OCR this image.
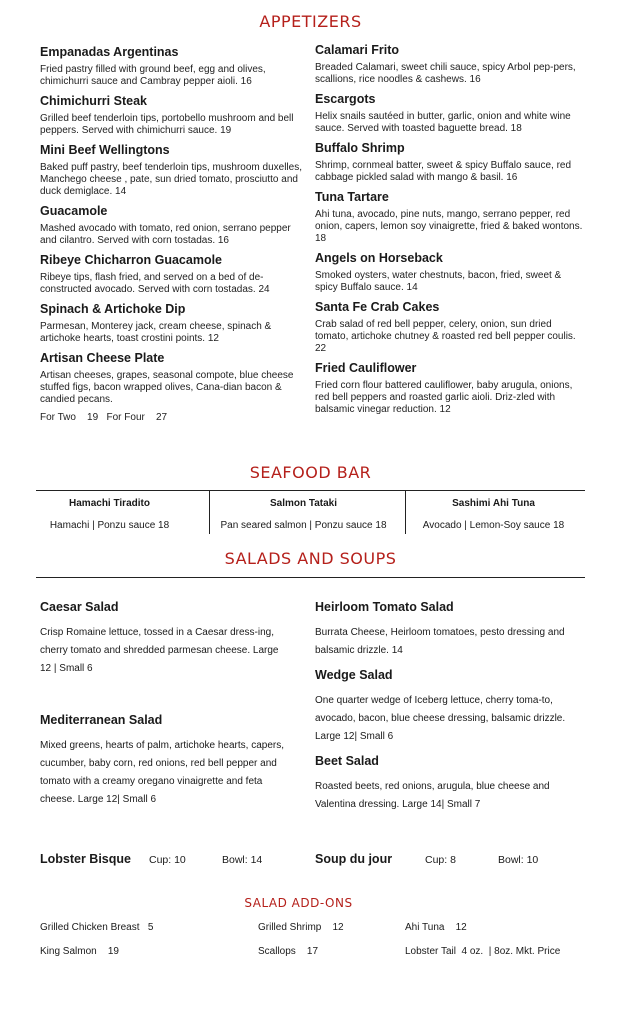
APPETIZERS

Empanadas Argentinas

Fried pastry filled with ground beef, egg and olives, chimichurri sauce and Cambray pepper aioli. 16

Chimichurri Steak

Grilled beef tenderloin tips, portobello mushroom and bell peppers. Served with chimichurri sauce. 19

Mini Beef Wellingtons

Baked puff pastry, beef tenderloin tips, mushroom duxelles, Manchego cheese , pate, sun dried tomato, prosciutto and duck demiglace. 14

Guacamole

Mashed avocado with tomato, red onion, serrano pepper and cilantro. Served with corn tostadas. 16

Ribeye Chicharron Guacamole

Ribeye tips, flash fried, and served on a bed of de-constructed avocado. Served with corn tostadas. 24

Spinach & Artichoke Dip

Parmesan, Monterey jack, cream cheese, spinach & artichoke hearts, toast crostini points. 12

Artisan Cheese Plate

Artisan cheeses, grapes, seasonal compote, blue cheese stuffed figs, bacon wrapped olives, Cana-dian bacon & candied pecans.

For Two    19   For Four    27

Calamari Frito

Breaded Calamari, sweet chili sauce, spicy Arbol pep-pers, scallions, rice noodles & cashews. 16

Escargots

Helix snails sautéed in butter, garlic, onion and white wine sauce. Served with toasted baguette bread. 18

Buffalo Shrimp

Shrimp, cornmeal batter, sweet & spicy Buffalo sauce, red cabbage pickled salad with mango & basil. 16

Tuna Tartare

Ahi tuna, avocado, pine nuts, mango, serrano pepper, red onion, capers, lemon soy vinaigrette, fried & baked wontons. 18

Angels on Horseback

Smoked oysters, water chestnuts, bacon, fried, sweet & spicy Buffalo sauce. 14

Santa Fe Crab Cakes

Crab salad of red bell pepper, celery, onion, sun dried tomato, artichoke chutney & roasted red bell pepper coulis. 22

Fried Cauliflower

Fried corn flour battered cauliflower, baby arugula, onions, red bell peppers and roasted garlic aioli. Driz-zled with balsamic vinegar reduction. 12

SEAFOOD BAR

Hamachi Tiradito

Hamachi | Ponzu sauce 18

Salmon Tataki

Pan seared salmon | Ponzu sauce 18

Sashimi Ahi Tuna

Avocado | Lemon-Soy sauce 18

SALADS AND SOUPS

Caesar Salad

Crisp Romaine lettuce, tossed in a Caesar dress-ing, cherry tomato and shredded parmesan cheese. Large 12 | Small 6

Mediterranean Salad

Mixed greens, hearts of palm, artichoke hearts, capers, cucumber, baby corn, red onions, red bell pepper and tomato with a creamy oregano vinaigrette and feta cheese. Large 12| Small 6

Heirloom Tomato Salad

Burrata Cheese, Heirloom tomatoes, pesto dressing and balsamic drizzle. 14

Wedge Salad

One quarter wedge of Iceberg lettuce, cherry toma-to, avocado, bacon, blue cheese dressing, balsamic drizzle. Large 12| Small 6

Beet Salad

Roasted beets, red onions, arugula, blue cheese and Valentina dressing. Large 14| Small 7

Lobster Bisque Cup: 10	Bowl: 14	Soup du jour	Cup: 8	Bowl: 10
SALAD ADD-ONS
Grilled Chicken Breast   5	Grilled Shrimp    12	Ahi Tuna    12
King Salmon    19	Scallops    17	Lobster Tail  4 oz.  | 8oz. Mkt. Price
